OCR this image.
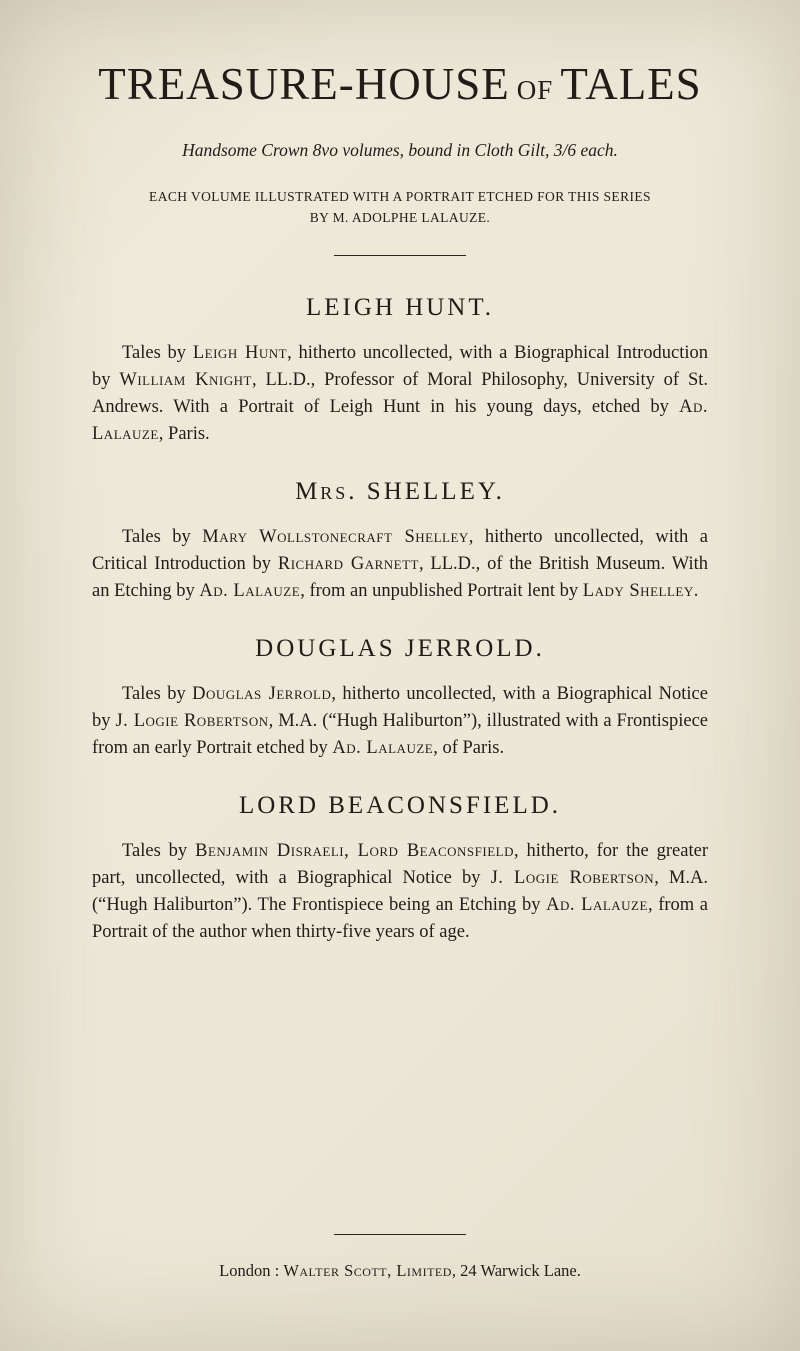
TREASURE-HOUSE OF TALES

Handsome Crown 8vo volumes, bound in Cloth Gilt, 3/6 each.

EACH VOLUME ILLUSTRATED WITH A PORTRAIT ETCHED FOR THIS SERIES BY M. ADOLPHE LALAUZE.

LEIGH HUNT.

Tales by Leigh Hunt, hitherto uncollected, with a Biographical Introduction by William Knight, LL.D., Professor of Moral Philosophy, University of St. Andrews. With a Portrait of Leigh Hunt in his young days, etched by Ad. Lalauze, Paris.

Mrs. SHELLEY.

Tales by Mary Wollstonecraft Shelley, hitherto uncollected, with a Critical Introduction by Richard Garnett, LL.D., of the British Museum. With an Etching by Ad. Lalauze, from an unpublished Portrait lent by Lady Shelley.

DOUGLAS JERROLD.

Tales by Douglas Jerrold, hitherto uncollected, with a Biographical Notice by J. Logie Robertson, M.A. (“Hugh Haliburton”), illustrated with a Frontispiece from an early Portrait etched by Ad. Lalauze, of Paris.

LORD BEACONSFIELD.

Tales by Benjamin Disraeli, Lord Beaconsfield, hitherto, for the greater part, uncollected, with a Biographical Notice by J. Logie Robertson, M.A. (“Hugh Haliburton”). The Frontispiece being an Etching by Ad. Lalauze, from a Portrait of the author when thirty-five years of age.

London : Walter Scott, Limited, 24 Warwick Lane.
